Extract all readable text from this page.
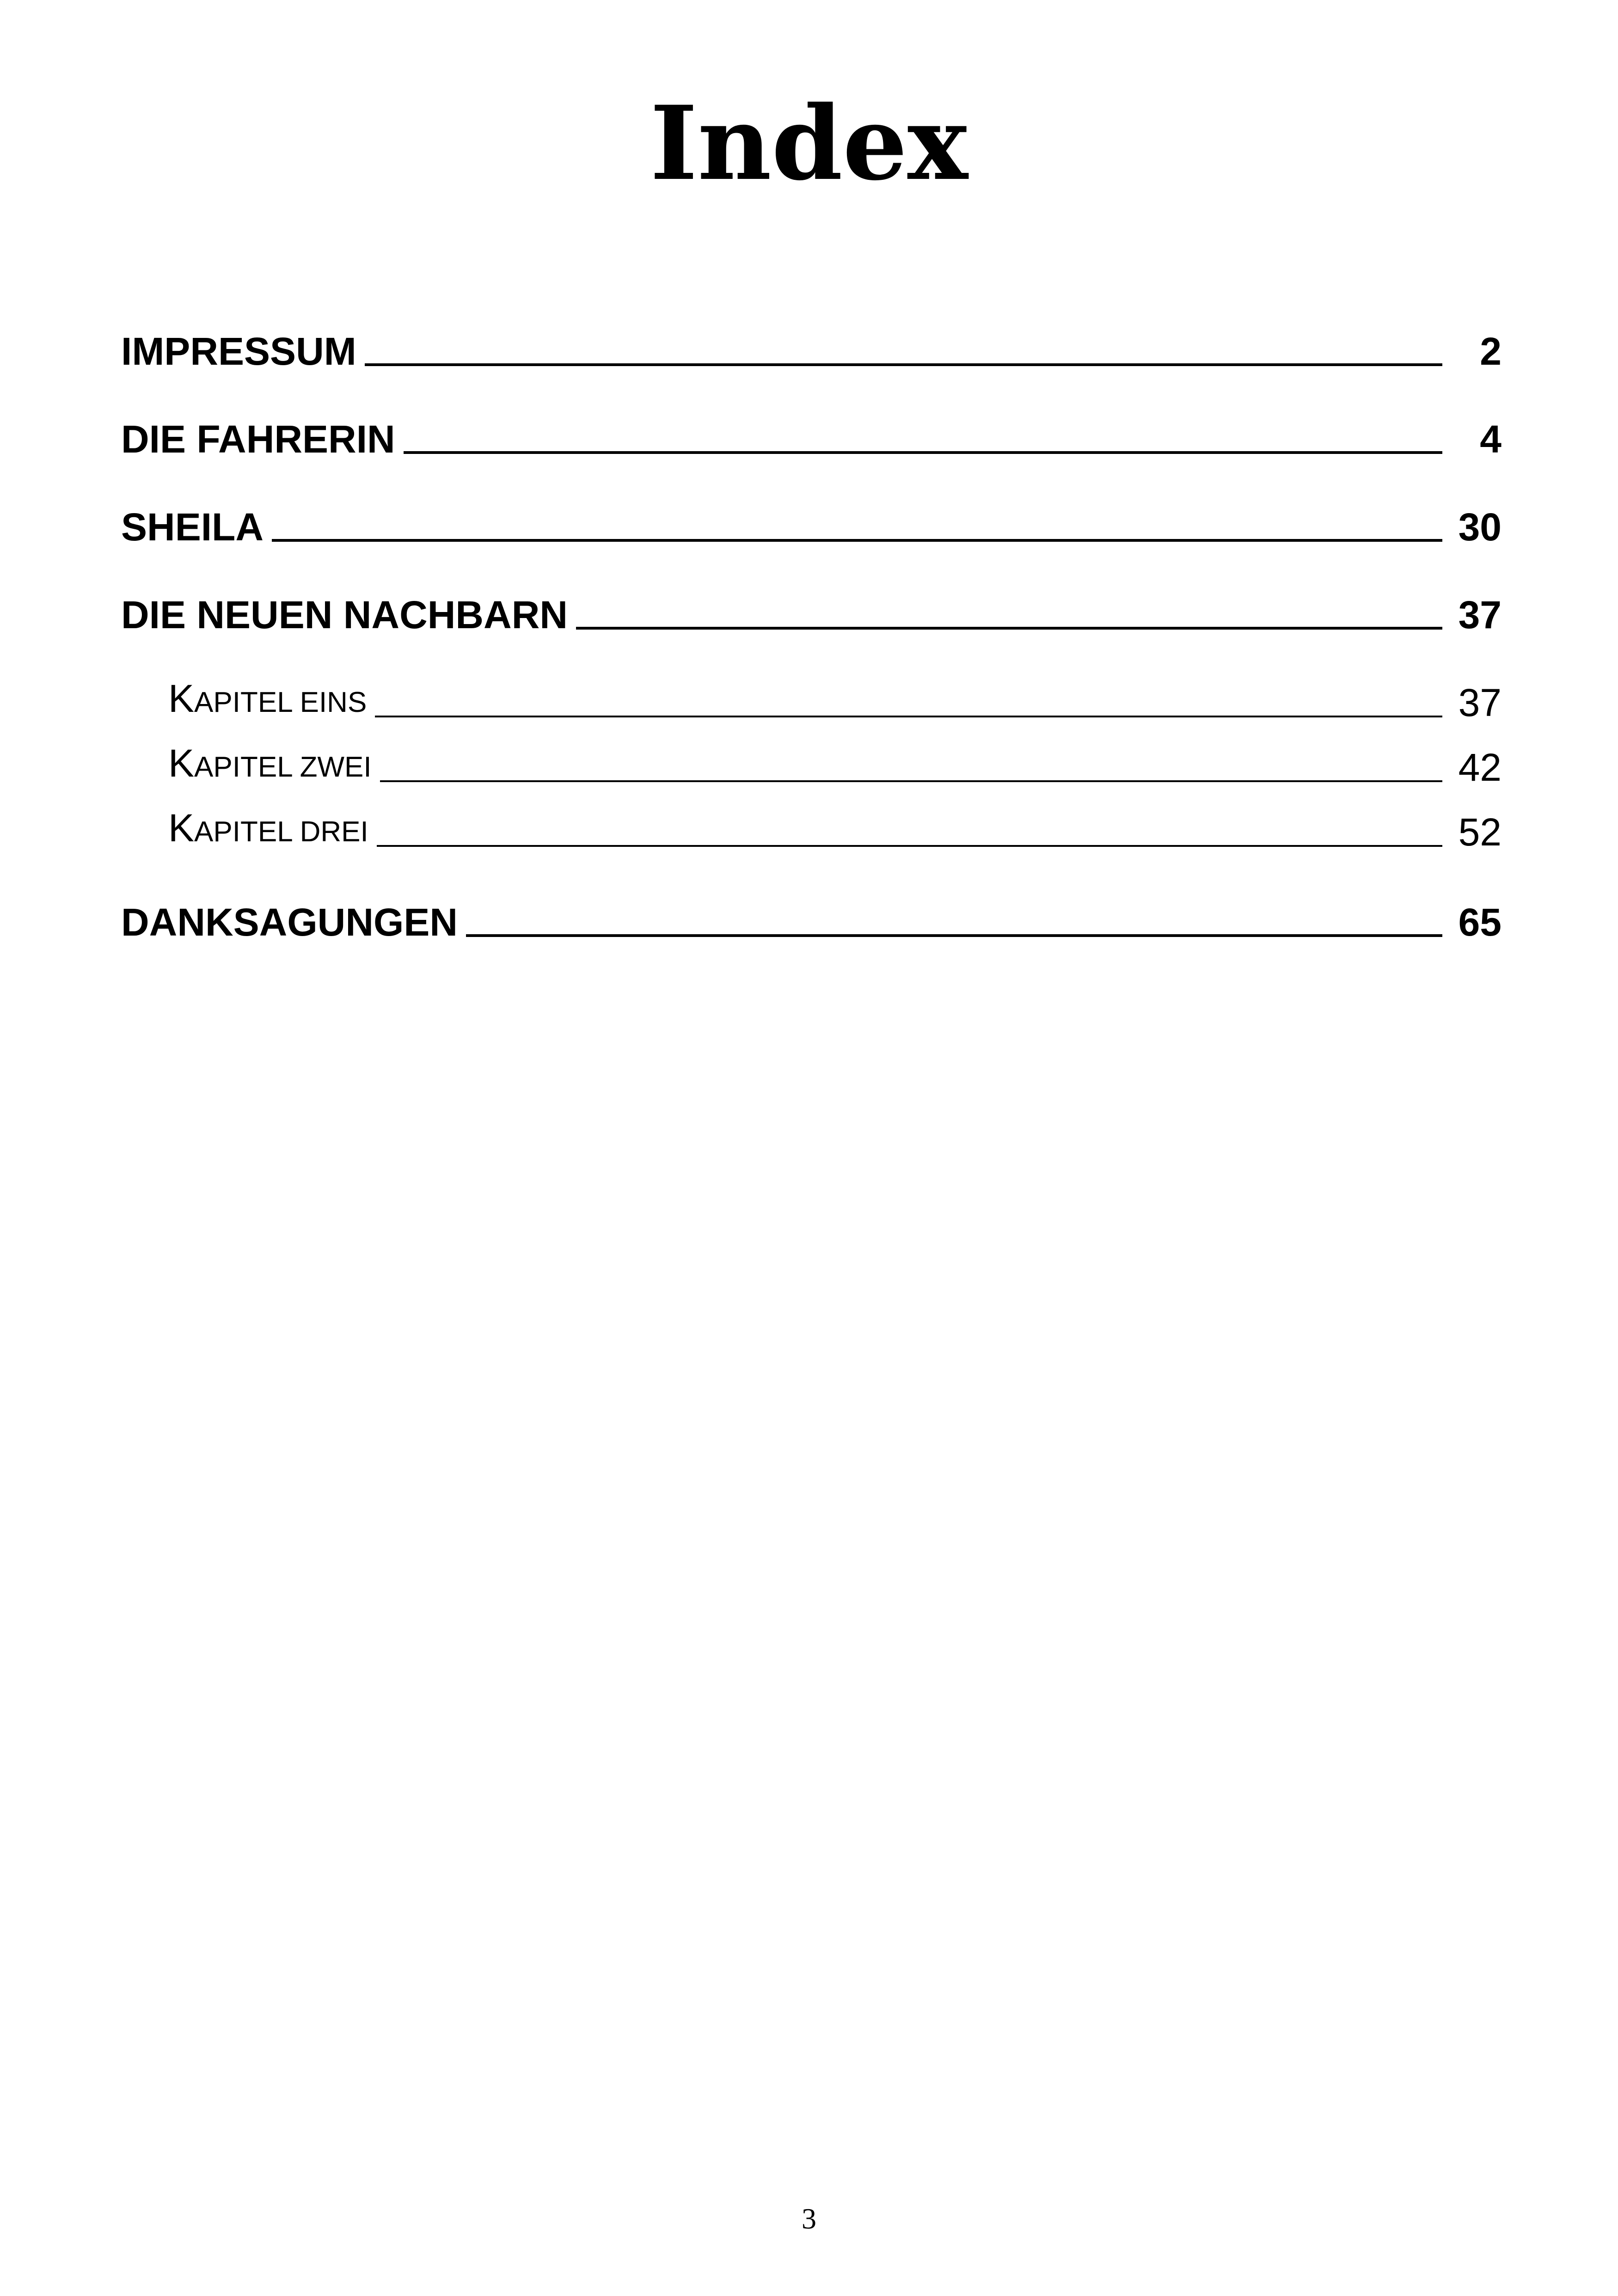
Index
IMPRESSUM	2
DIE FAHRERIN	4
SHEILA	30
DIE NEUEN NACHBARN	37
KAPITEL EINS	37
KAPITEL ZWEI	42
KAPITEL DREI	52
DANKSAGUNGEN	65
3
